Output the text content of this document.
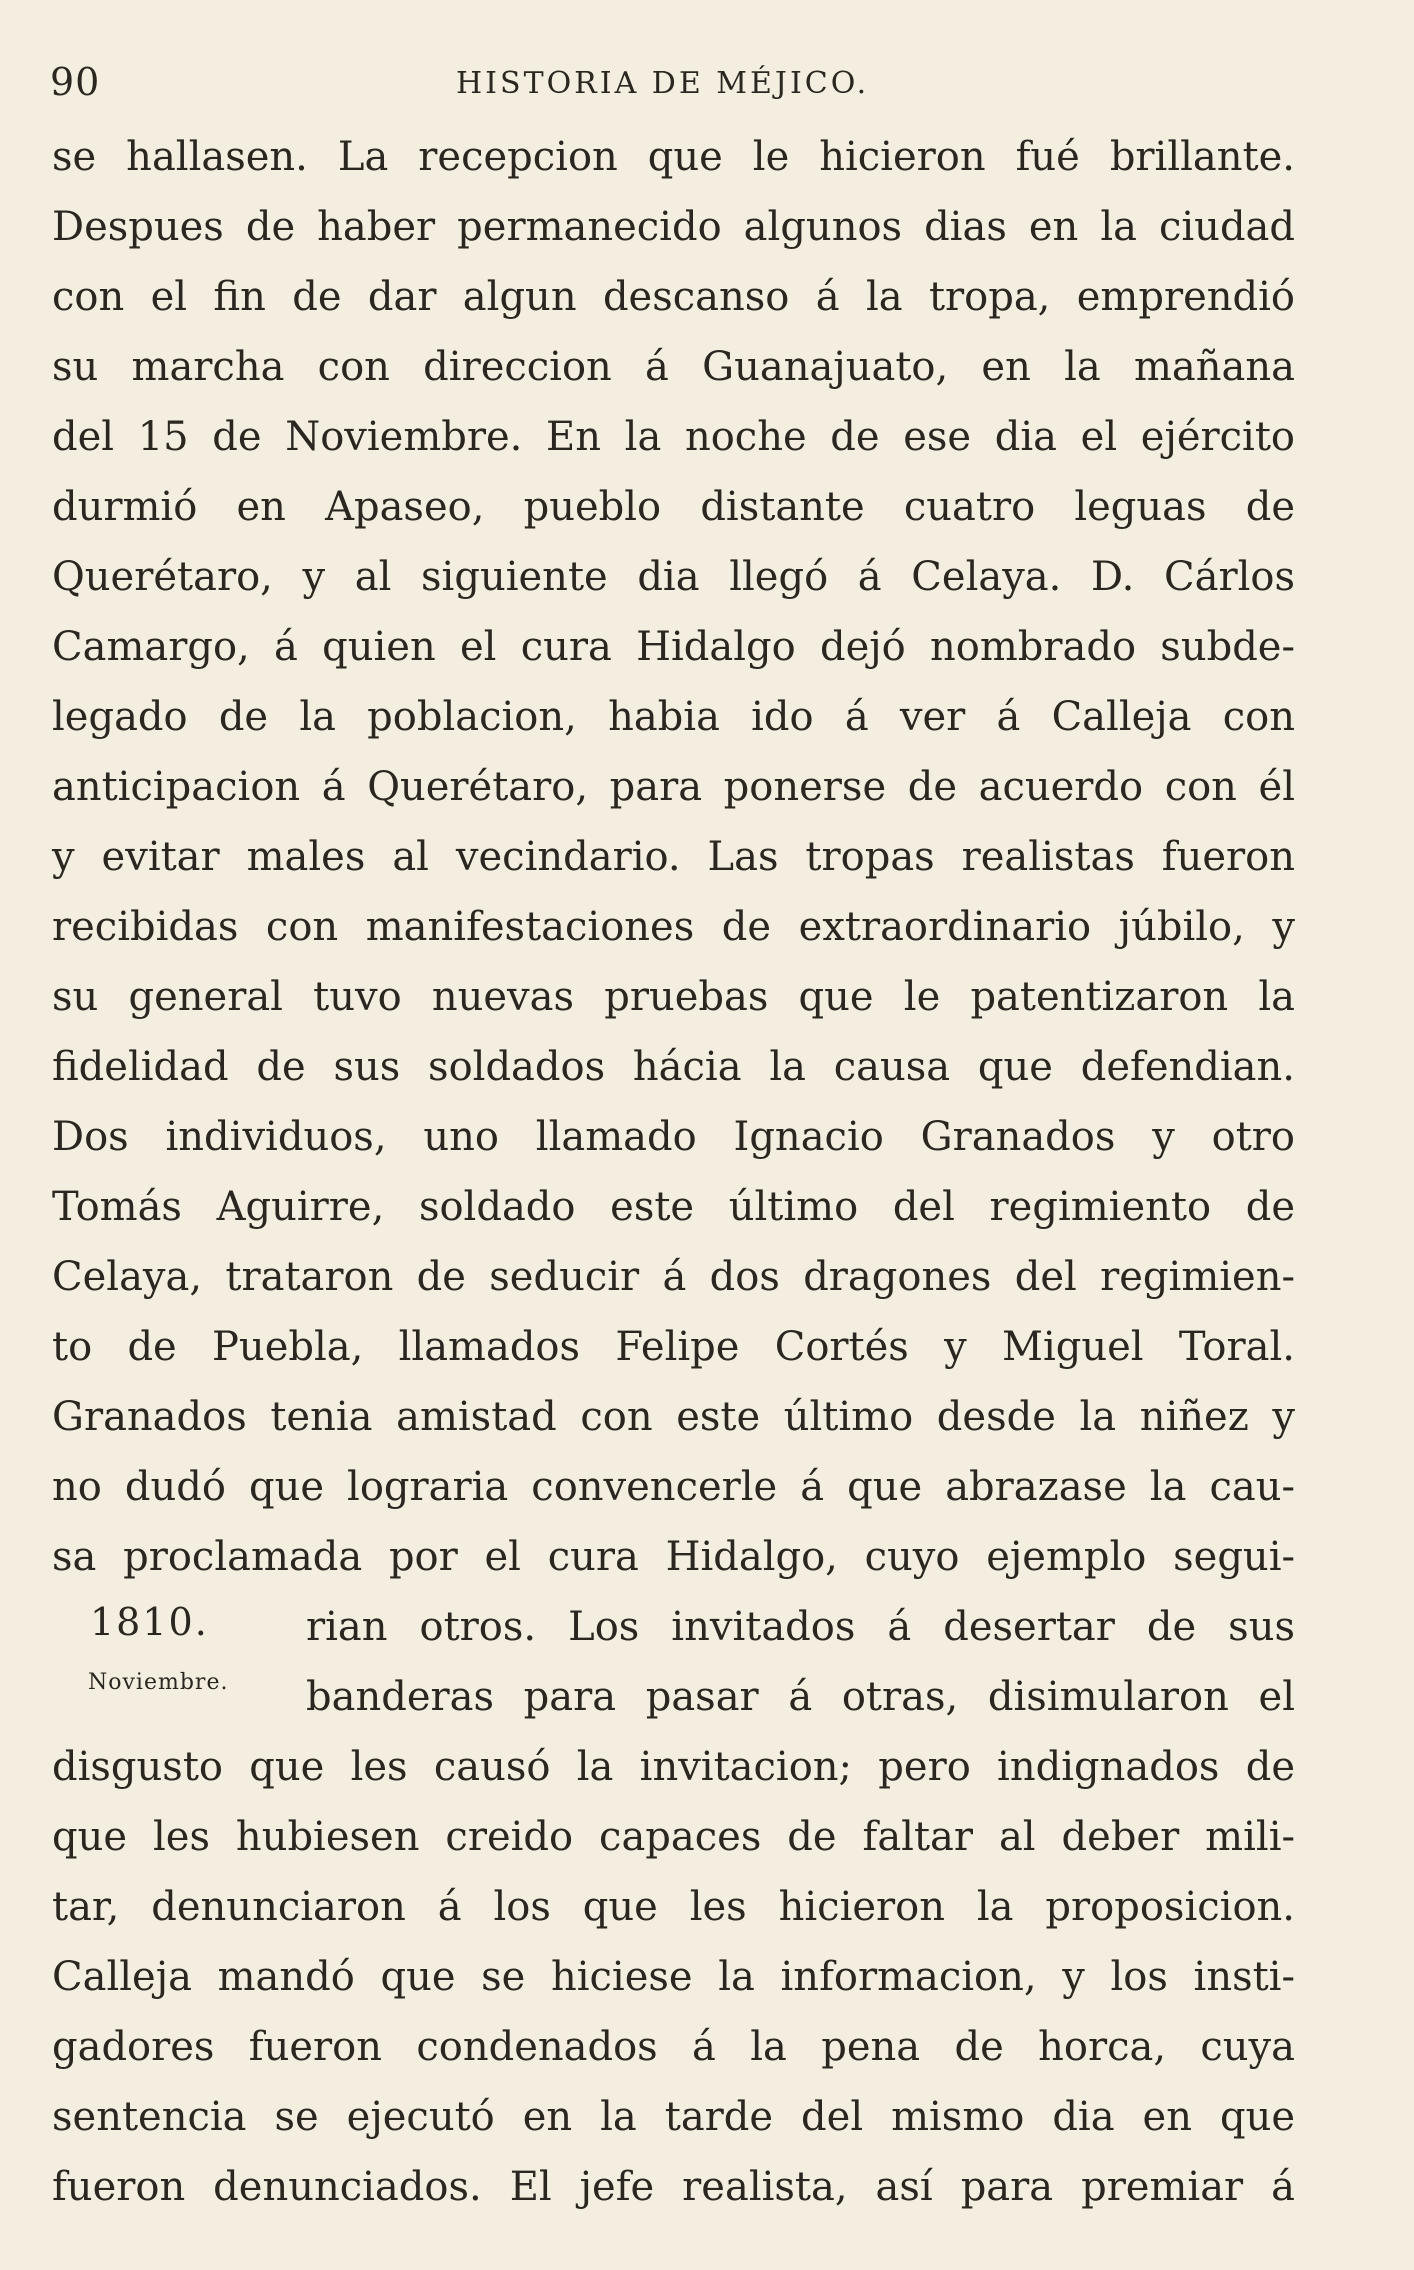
90	HISTORIA DE MÉJICO.
1810.
Noviembre.
se hallasen. La recepcion que le hicieron fué brillante.
Despues de haber permanecido algunos dias en la ciudad
con el fin de dar algun descanso á la tropa, emprendió
su marcha con direccion á Guanajuato, en la mañana
del 15 de Noviembre. En la noche de ese dia el ejército
durmió en Apaseo, pueblo distante cuatro leguas de
Querétaro, y al siguiente dia llegó á Celaya. D. Cárlos
Camargo, á quien el cura Hidalgo dejó nombrado subde-
legado de la poblacion, habia ido á ver á Calleja con
anticipacion á Querétaro, para ponerse de acuerdo con él
y evitar males al vecindario. Las tropas realistas fueron
recibidas con manifestaciones de extraordinario júbilo, y
su general tuvo nuevas pruebas que le patentizaron la
fidelidad de sus soldados hácia la causa que defendian.
Dos individuos, uno llamado Ignacio Granados y otro
Tomás Aguirre, soldado este último del regimiento de
Celaya, trataron de seducir á dos dragones del regimien-
to de Puebla, llamados Felipe Cortés y Miguel Toral.
Granados tenia amistad con este último desde la niñez y
no dudó que lograria convencerle á que abrazase la cau-
sa proclamada por el cura Hidalgo, cuyo ejemplo segui-
rian otros. Los invitados á desertar de sus
banderas para pasar á otras, disimularon el
disgusto que les causó la invitacion; pero indignados de
que les hubiesen creido capaces de faltar al deber mili-
tar, denunciaron á los que les hicieron la proposicion.
Calleja mandó que se hiciese la informacion, y los insti-
gadores fueron condenados á la pena de horca, cuya
sentencia se ejecutó en la tarde del mismo dia en que
fueron denunciados. El jefe realista, así para premiar á
